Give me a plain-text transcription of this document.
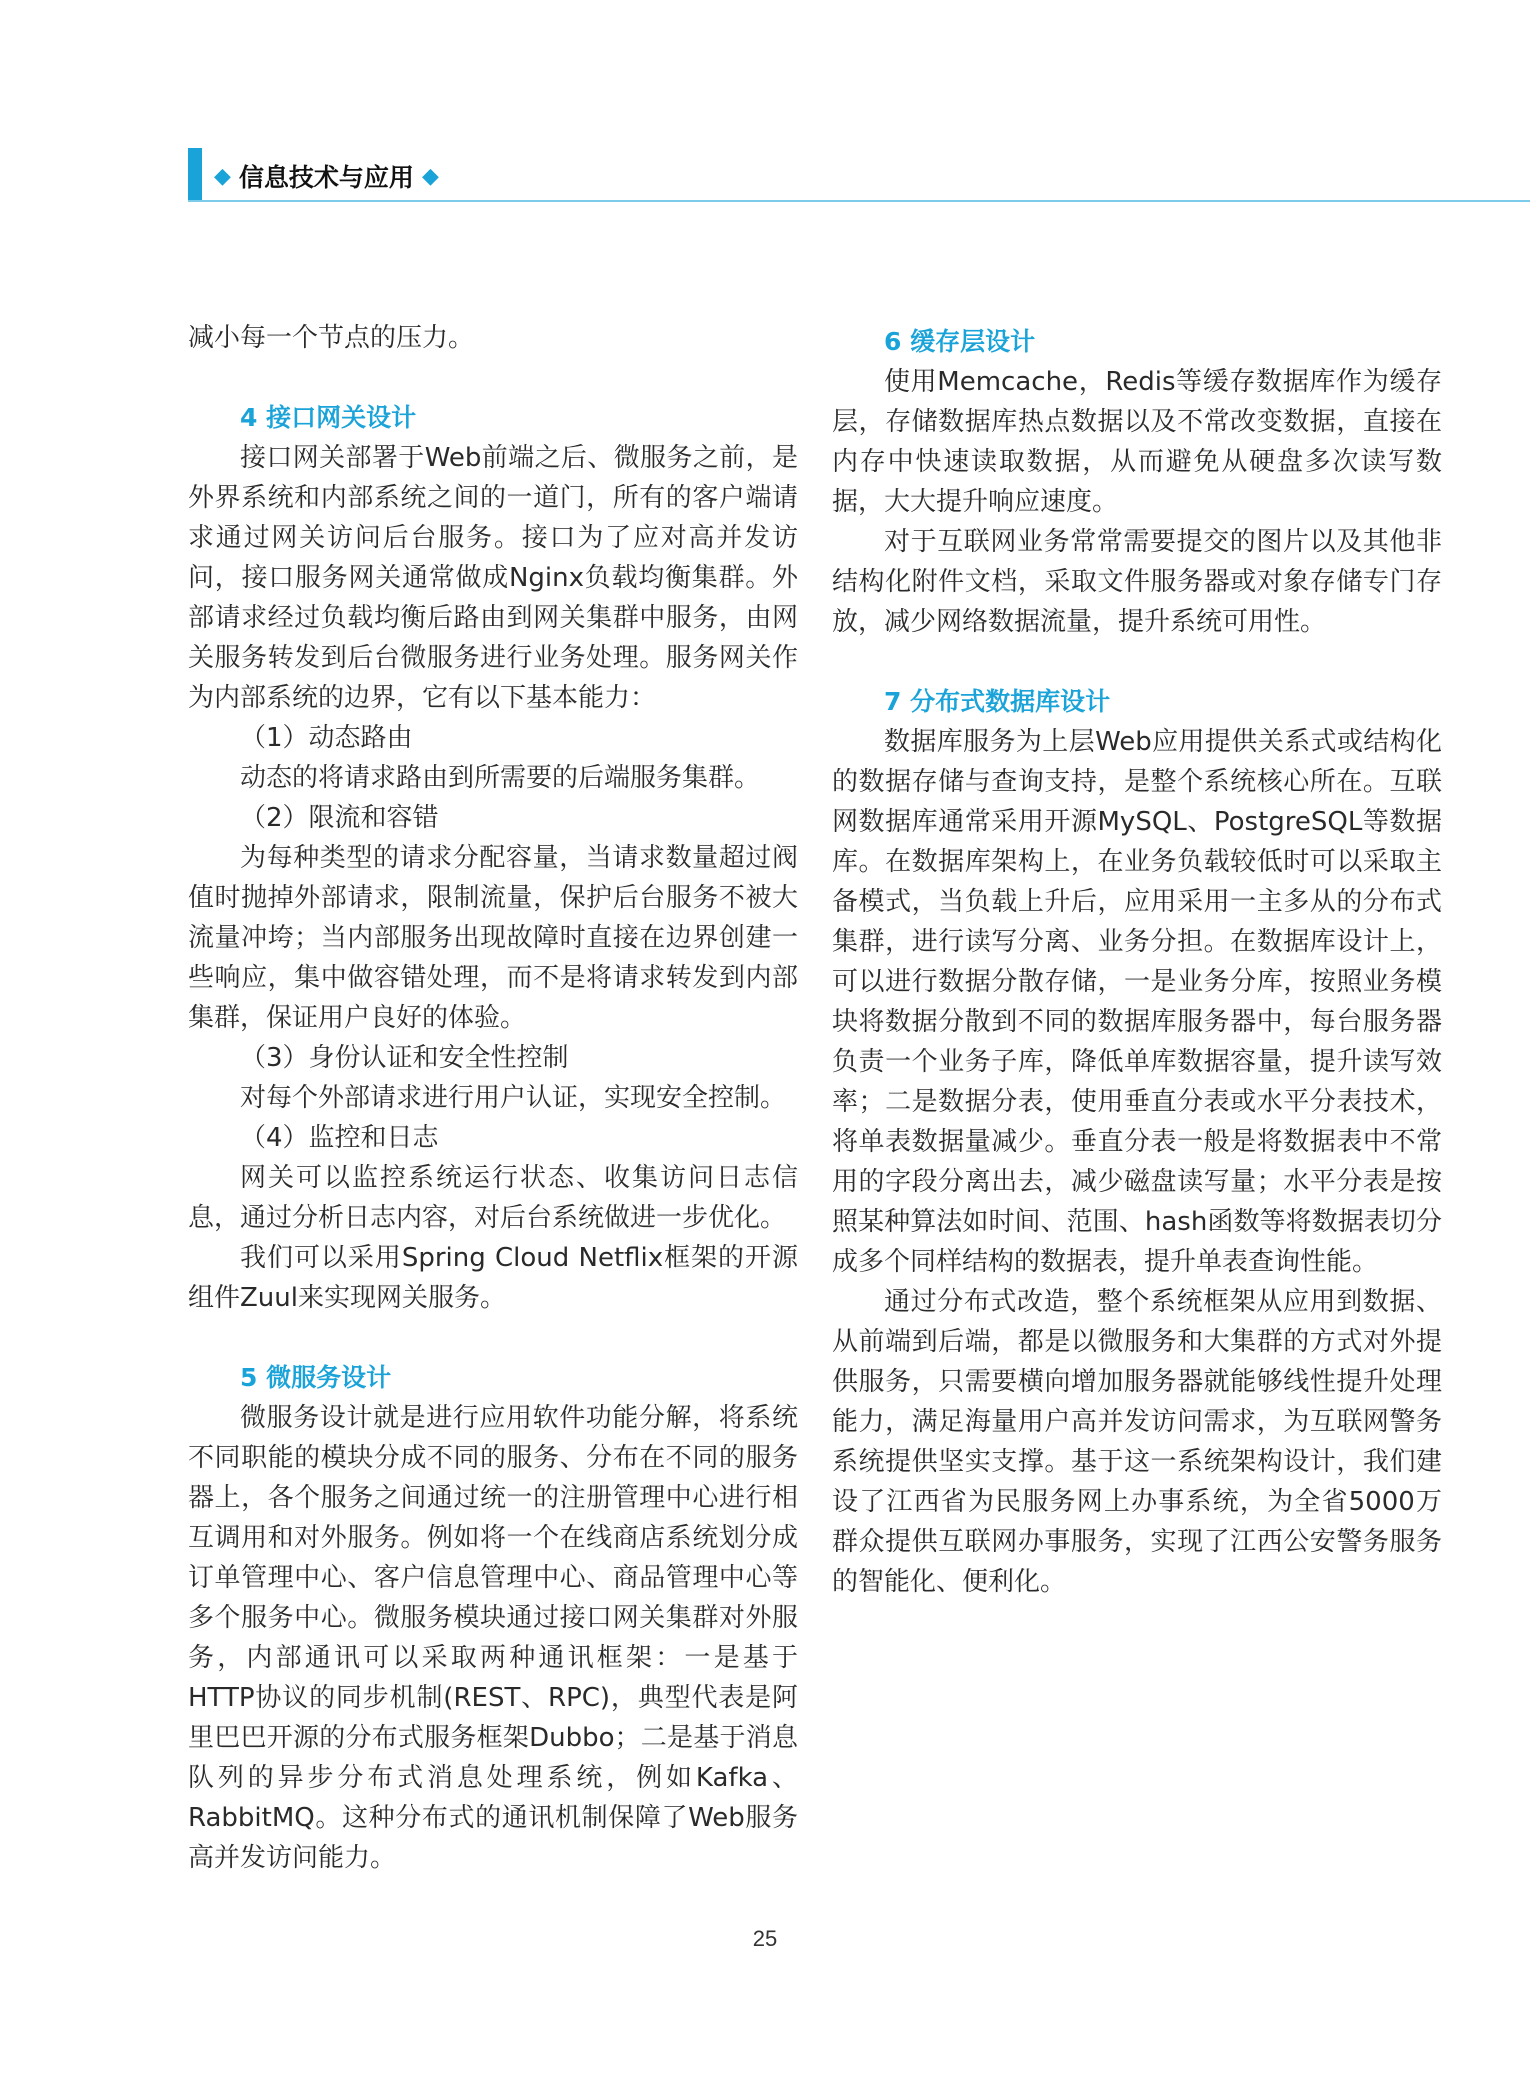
◆ 信息技术与应用 ◆

减小每一个节点的压力。

4 接口网关设计

接口网关部署于Web前端之后、微服务之前，是外界系统和内部系统之间的一道门，所有的客户端请求通过网关访问后台服务。接口为了应对高并发访问，接口服务网关通常做成Nginx负载均衡集群。外部请求经过负载均衡后路由到网关集群中服务，由网关服务转发到后台微服务进行业务处理。服务网关作为内部系统的边界，它有以下基本能力：

（1）动态路由

动态的将请求路由到所需要的后端服务集群。

（2）限流和容错

为每种类型的请求分配容量，当请求数量超过阀值时抛掉外部请求，限制流量，保护后台服务不被大流量冲垮；当内部服务出现故障时直接在边界创建一些响应，集中做容错处理，而不是将请求转发到内部集群，保证用户良好的体验。

（3）身份认证和安全性控制

对每个外部请求进行用户认证，实现安全控制。

（4）监控和日志

网关可以监控系统运行状态、收集访问日志信息，通过分析日志内容，对后台系统做进一步优化。

我们可以采用Spring Cloud Netflix框架的开源组件Zuul来实现网关服务。

5 微服务设计

微服务设计就是进行应用软件功能分解，将系统不同职能的模块分成不同的服务、分布在不同的服务器上，各个服务之间通过统一的注册管理中心进行相互调用和对外服务。例如将一个在线商店系统划分成订单管理中心、客户信息管理中心、商品管理中心等多个服务中心。微服务模块通过接口网关集群对外服务，内部通讯可以采取两种通讯框架：一是基于HTTP协议的同步机制(REST、RPC)，典型代表是阿里巴巴开源的分布式服务框架Dubbo；二是基于消息队列的异步分布式消息处理系统，例如Kafka、RabbitMQ。这种分布式的通讯机制保障了Web服务高并发访问能力。

6 缓存层设计

使用Memcache，Redis等缓存数据库作为缓存层，存储数据库热点数据以及不常改变数据，直接在内存中快速读取数据，从而避免从硬盘多次读写数据，大大提升响应速度。

对于互联网业务常常需要提交的图片以及其他非结构化附件文档，采取文件服务器或对象存储专门存放，减少网络数据流量，提升系统可用性。

7 分布式数据库设计

数据库服务为上层Web应用提供关系式或结构化的数据存储与查询支持，是整个系统核心所在。互联网数据库通常采用开源MySQL、PostgreSQL等数据库。在数据库架构上，在业务负载较低时可以采取主备模式，当负载上升后，应用采用一主多从的分布式集群，进行读写分离、业务分担。在数据库设计上，可以进行数据分散存储，一是业务分库，按照业务模块将数据分散到不同的数据库服务器中，每台服务器负责一个业务子库，降低单库数据容量，提升读写效率；二是数据分表，使用垂直分表或水平分表技术，将单表数据量减少。垂直分表一般是将数据表中不常用的字段分离出去，减少磁盘读写量；水平分表是按照某种算法如时间、范围、hash函数等将数据表切分成多个同样结构的数据表，提升单表查询性能。

通过分布式改造，整个系统框架从应用到数据、从前端到后端，都是以微服务和大集群的方式对外提供服务，只需要横向增加服务器就能够线性提升处理能力，满足海量用户高并发访问需求，为互联网警务系统提供坚实支撑。基于这一系统架构设计，我们建设了江西省为民服务网上办事系统，为全省5000万群众提供互联网办事服务，实现了江西公安警务服务的智能化、便利化。

25
